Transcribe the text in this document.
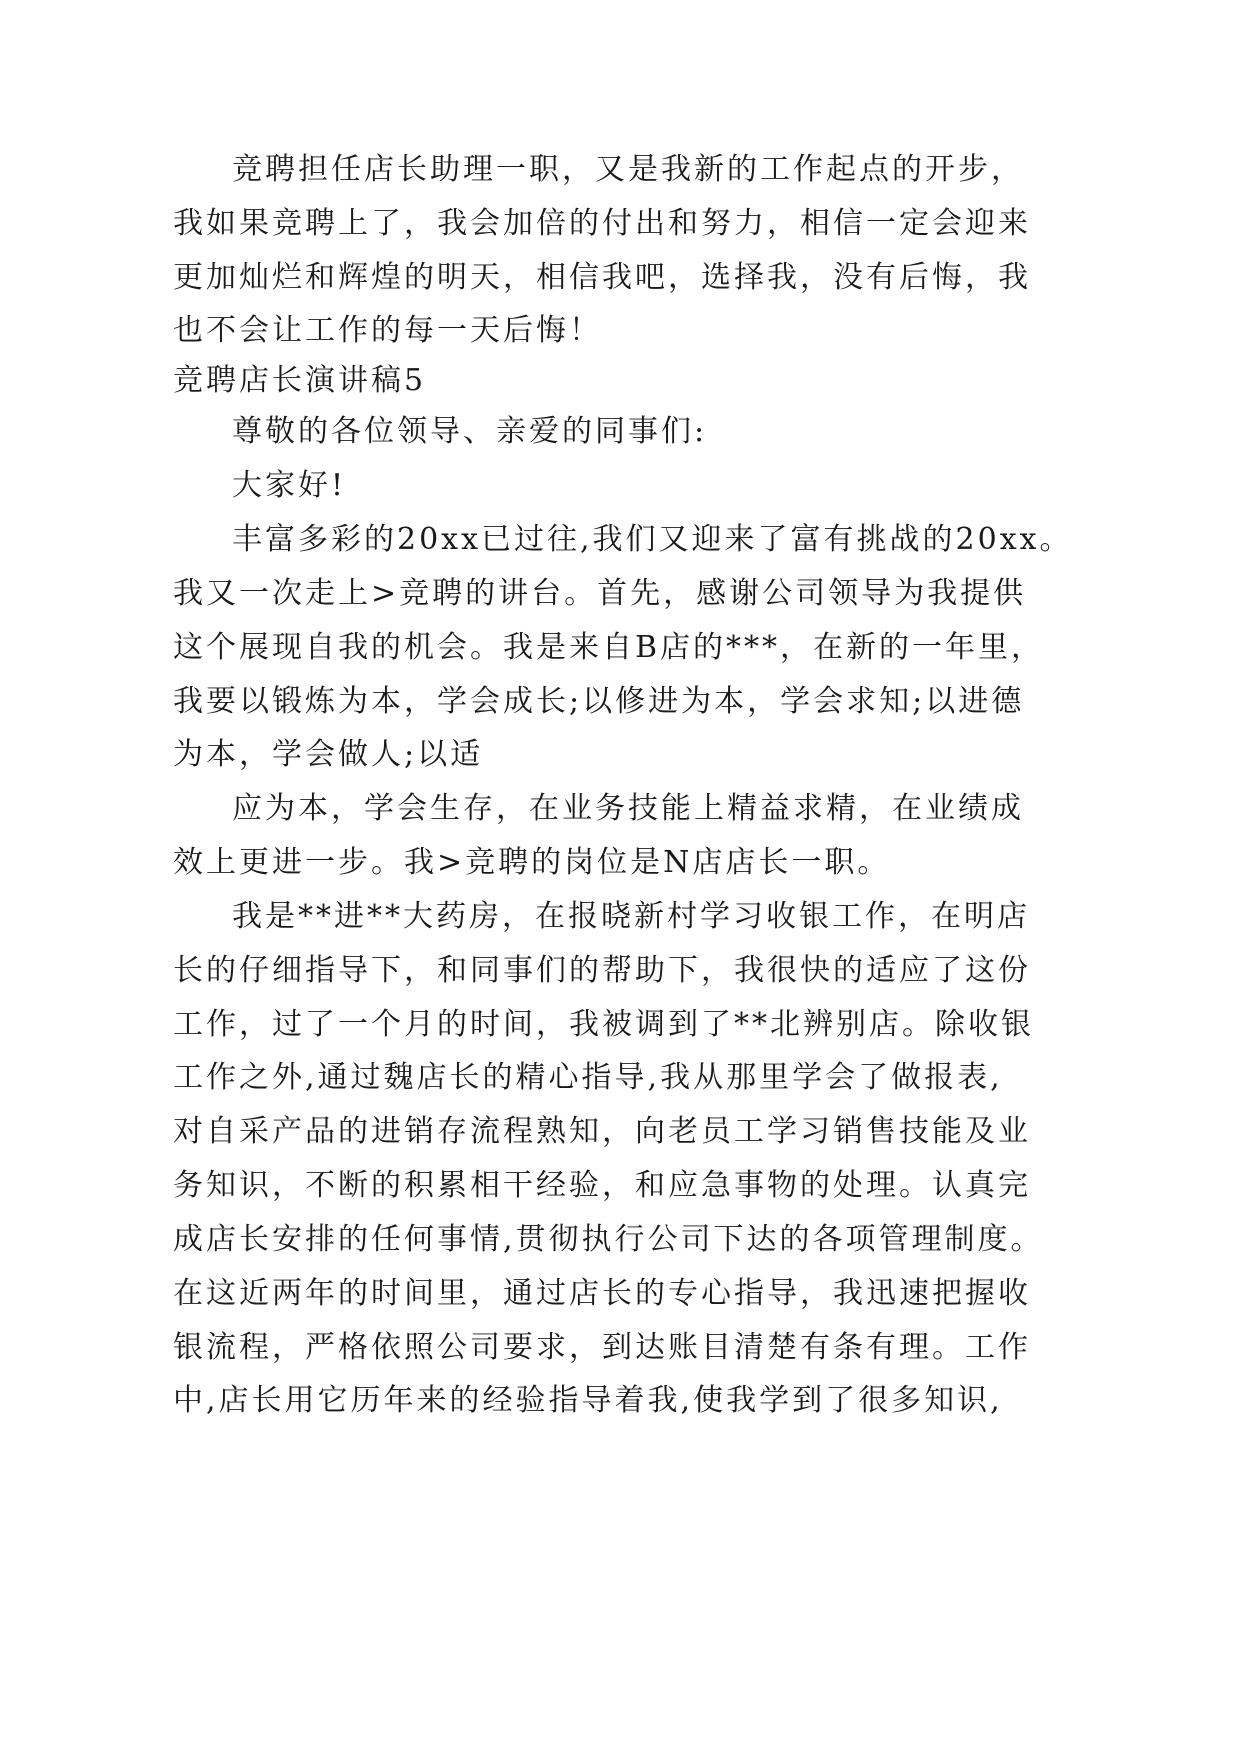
竞聘担任店长助理一职，又是我新的工作起点的开步，
我如果竞聘上了，我会加倍的付出和努力，相信一定会迎来
更加灿烂和辉煌的明天，相信我吧，选择我，没有后悔，我
也不会让工作的每一天后悔！
竞聘店长演讲稿5
尊敬的各位领导、亲爱的同事们:
大家好!
丰富多彩的20xx已过往,我们又迎来了富有挑战的20xx。
我又一次走上>竞聘的讲台。首先，感谢公司领导为我提供
这个展现自我的机会。我是来自B店的***，在新的一年里，
我要以锻炼为本，学会成长;以修进为本，学会求知;以进德
为本，学会做人;以适
应为本，学会生存，在业务技能上精益求精，在业绩成
效上更进一步。我>竞聘的岗位是N店店长一职。
我是**进**大药房，在报晓新村学习收银工作，在明店
长的仔细指导下，和同事们的帮助下，我很快的适应了这份
工作，过了一个月的时间，我被调到了**北辨别店。除收银
工作之外,通过魏店长的精心指导,我从那里学会了做报表,
对自采产品的进销存流程熟知，向老员工学习销售技能及业
务知识，不断的积累相干经验，和应急事物的处理。认真完
成店长安排的任何事情,贯彻执行公司下达的各项管理制度。
在这近两年的时间里，通过店长的专心指导，我迅速把握收
银流程，严格依照公司要求，到达账目清楚有条有理。工作
中,店长用它历年来的经验指导着我,使我学到了很多知识,
